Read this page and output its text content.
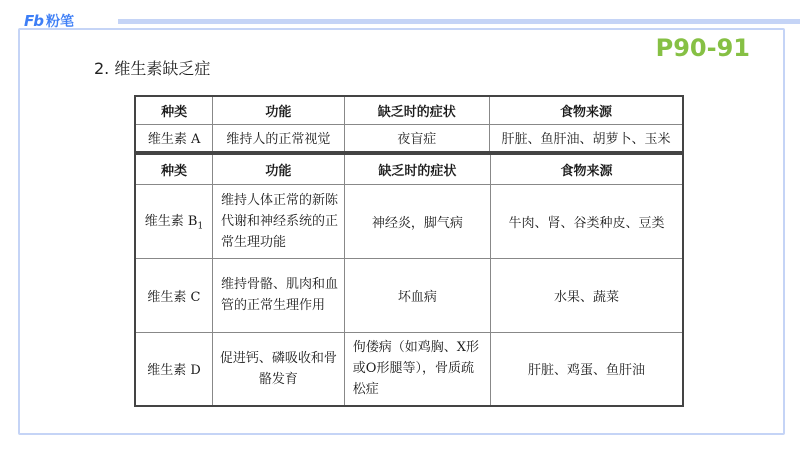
Fb 粉笔
P90-91
2. 维生素缺乏症
种类	功能	缺乏时的症状	食物来源
维生素 A	维持人的正常视觉	夜盲症	肝脏、鱼肝油、胡萝卜、玉米
种类	功能	缺乏时的症状	食物来源
维生素 $B_1$	维持人体正常的新陈代谢和神经系统的正常生理功能	神经炎，脚气病	牛肉、肾、谷类种皮、豆类
维生素 C	维持骨骼、肌肉和血管的正常生理作用	坏血病	水果、蔬菜
维生素 D	促进钙、磷吸收和骨骼发育	佝偻病（如鸡胸、X形或O形腿等），骨质疏松症	肝脏、鸡蛋、鱼肝油
